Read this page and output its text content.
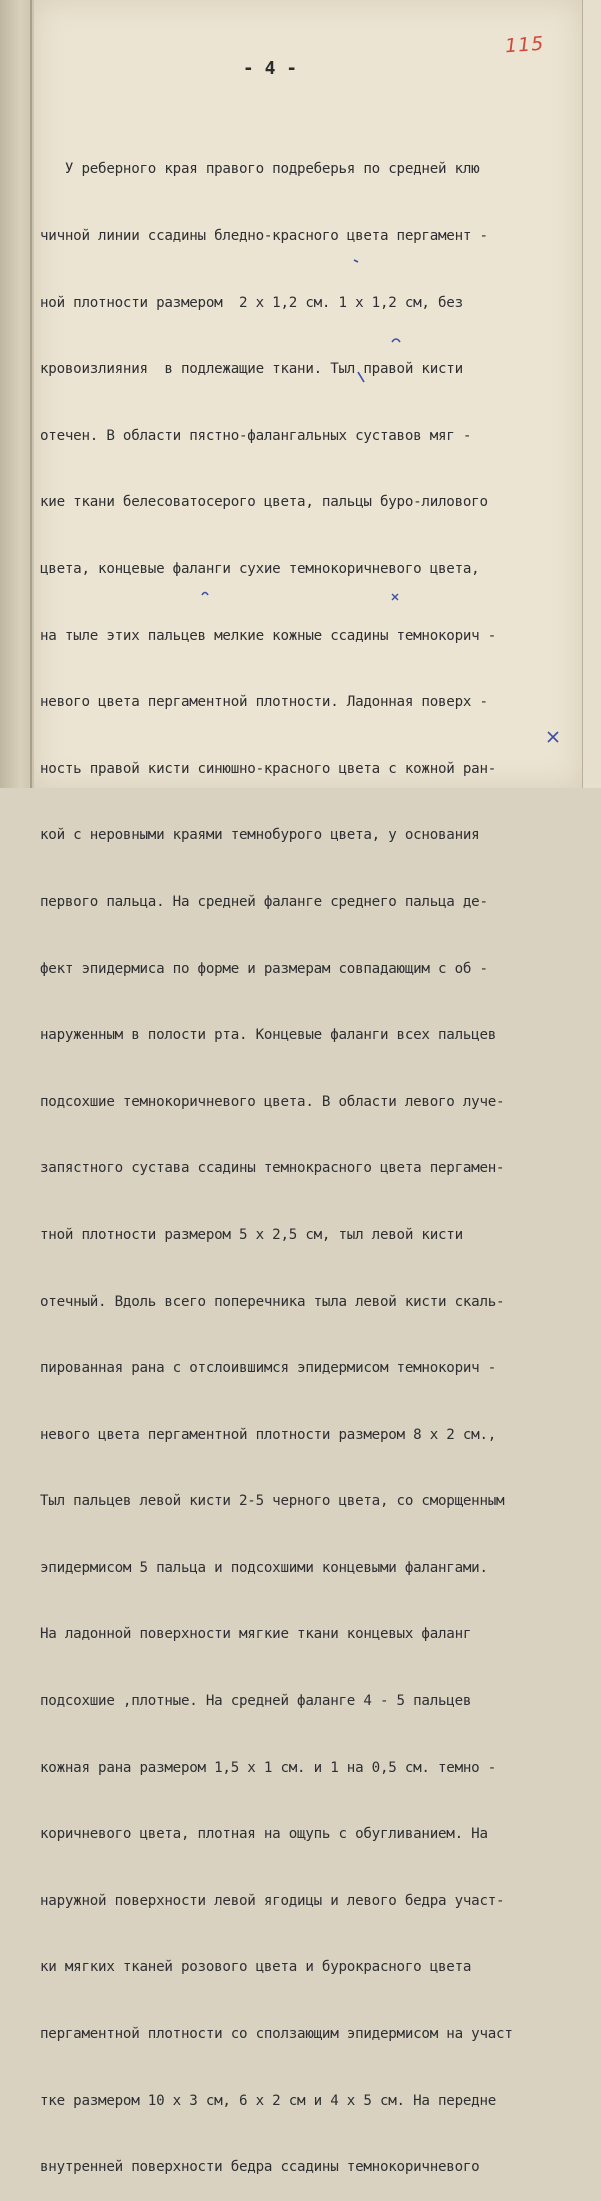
115
- 4 -

У реберного края правого подреберья по средней клю

чичной линии ссадины бледно-красного цвета пергамент -

ной плотности размером  2 х 1,2 см. 1 х 1,2 см, без

кровоизлияния  в подлежащие ткани. Тыл правой кисти

отечен. В области пястно-фалангальных суставов мяг -

кие ткани белесоватосерого цвета, пальцы буро-лилового

цвета, концевые фаланги сухие темнокоричневого цвета,

на тыле этих пальцев мелкие кожные ссадины темнокорич -

невого цвета пергаментной плотности. Ладонная поверх -

ность правой кисти синюшно-красного цвета с кожной ран-

кой с неровными краями темнобурого цвета, у основания

первого пальца. На средней фаланге среднего пальца де-

фект эпидермиса по форме и размерам совпадающим с об -

наруженным в полости рта. Концевые фаланги всех пальцев

подсохшие темнокоричневого цвета. В области левого луче-

запястного сустава ссадины темнокрасного цвета пергамен-

тной плотности размером 5 х 2,5 см, тыл левой кисти

отечный. Вдоль всего поперечника тыла левой кисти скаль-

пированная рана с отслоившимся эпидермисом темнокорич -

невого цвета пергаментной плотности размером 8 х 2 см.,

Тыл пальцев левой кисти 2-5 черного цвета, со сморщенным

эпидермисом 5 пальца и подсохшими концевыми фалангами.

На ладонной поверхности мягкие ткани концевых фаланг

подсохшие ,плотные. На средней фаланге 4 - 5 пальцев

кожная рана размером 1,5 х 1 см. и 1 на 0,5 см. темно -

коричневого цвета, плотная на ощупь с обугливанием. На

наружной поверхности левой ягодицы и левого бедра участ-

ки мягких тканей розового цвета и бурокрасного цвета

пергаментной плотности со сползающим эпидермисом на участ

тке размером 10 х 3 см, 6 х 2 см и 4 х 5 см. На передне

внутренней поверхности бедра ссадины темнокоричневого
